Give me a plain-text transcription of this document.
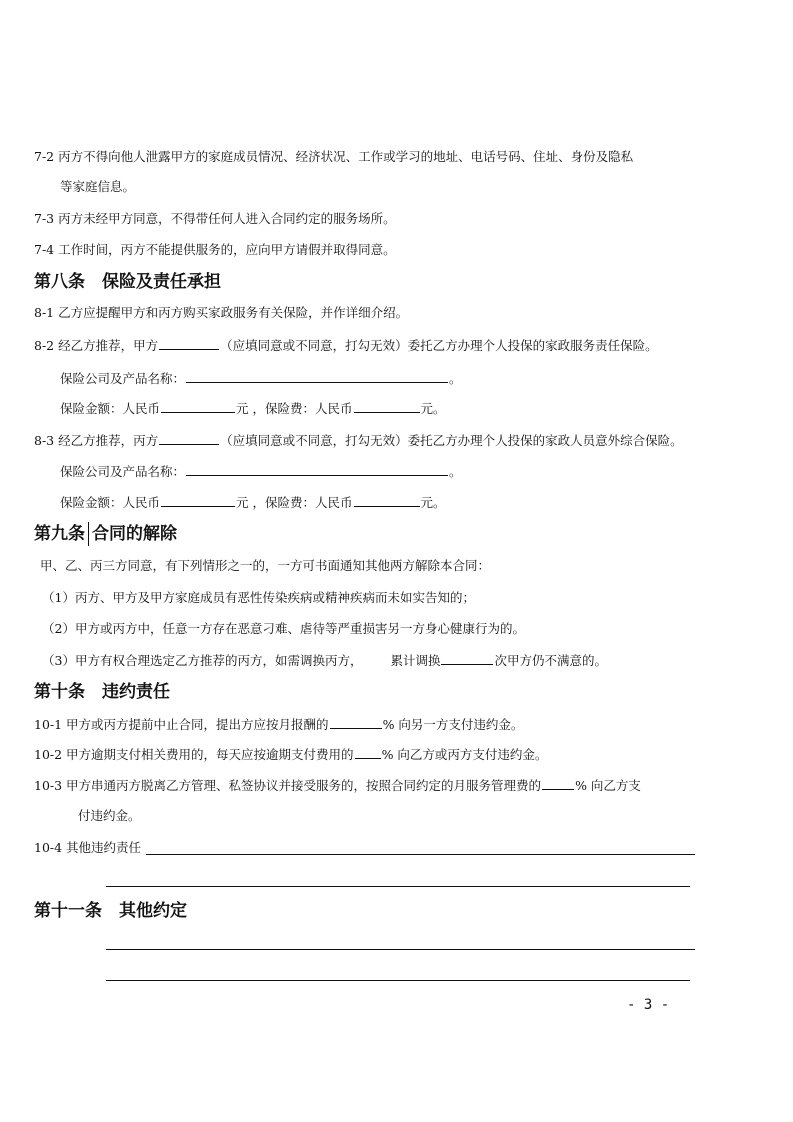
7-2 丙方不得向他人泄露甲方的家庭成员情况、经济状况、工作或学习的地址、电话号码、住址、身份及隐私
等家庭信息。
7-3 丙方未经甲方同意，不得带任何人进入合同约定的服务场所。
7-4 工作时间，丙方不能提供服务的，应向甲方请假并取得同意。
第八条　保险及责任承担
8-1 乙方应提醒甲方和丙方购买家政服务有关保险，并作详细介绍。
8-2 经乙方推荐，甲方	（应填同意或不同意，打勾无效）委托乙方办理个人投保的家政服务责任保险。
保险公司及产品名称：	。
保险金额：人民币	元 ，保险费：人民币	元。
8-3 经乙方推荐，丙方	（应填同意或不同意，打勾无效）委托乙方办理个人投保的家政人员意外综合保险。
保险公司及产品名称：	。
保险金额：人民币	元 ，保险费：人民币	元。
第九条 合同的解除
甲、乙、丙三方同意，有下列情形之一的，一方可书面通知其他两方解除本合同：
（1）丙方、甲方及甲方家庭成员有恶性传染疾病或精神疾病而未如实告知的；
（2）甲方或丙方中，任意一方存在恶意刁难、虐待等严重损害另一方身心健康行为的。
（3）甲方有权合理选定乙方推荐的丙方，如需调换丙方， 累计调换	次甲方仍不满意的。
第十条　违约责任
10-1 甲方或丙方提前中止合同，提出方应按月报酬的	% 向另一方支付违约金。
10-2 甲方逾期支付相关费用的，每天应按逾期支付费用的 % 向乙方或丙方支付违约金。
10-3 甲方串通丙方脱离乙方管理、私签协议并接受服务的，按照合同约定的月服务管理费的	% 向乙方支
付违约金。
10-4 其他违约责任
第十一条　其他约定
- 3 -
